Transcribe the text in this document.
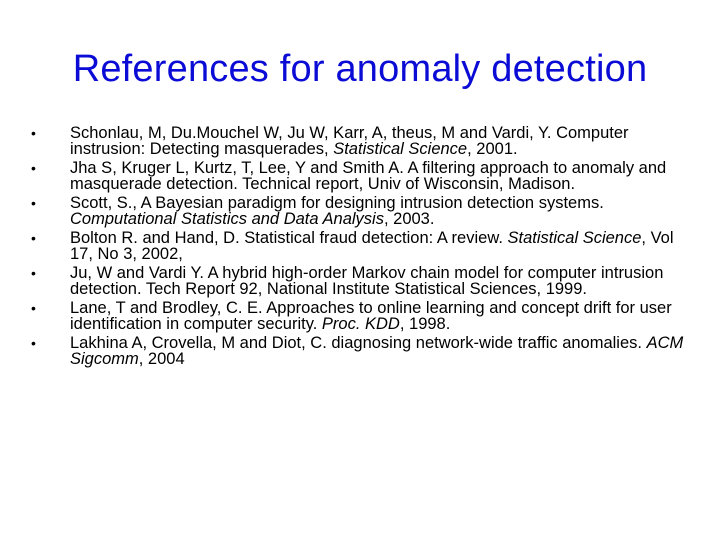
References for anomaly detection
• Schonlau, M, Du.Mouchel W, Ju W, Karr, A, theus, M and Vardi, Y. Computer instrusion: Detecting masquerades, Statistical Science, 2001.
• Jha S, Kruger L, Kurtz, T, Lee, Y and Smith A. A filtering approach to anomaly and masquerade detection. Technical report, Univ of Wisconsin, Madison.
• Scott, S., A Bayesian paradigm for designing intrusion detection systems. Computational Statistics and Data Analysis, 2003.
• Bolton R. and Hand, D. Statistical fraud detection: A review. Statistical Science, Vol 17, No 3, 2002,
• Ju, W and Vardi Y. A hybrid high-order Markov chain model for computer intrusion detection. Tech Report 92, National Institute Statistical Sciences, 1999.
• Lane, T and Brodley, C. E. Approaches to online learning and concept drift for user identification in computer security. Proc. KDD, 1998.
• Lakhina A, Crovella, M and Diot, C. diagnosing network-wide traffic anomalies. ACM Sigcomm, 2004
